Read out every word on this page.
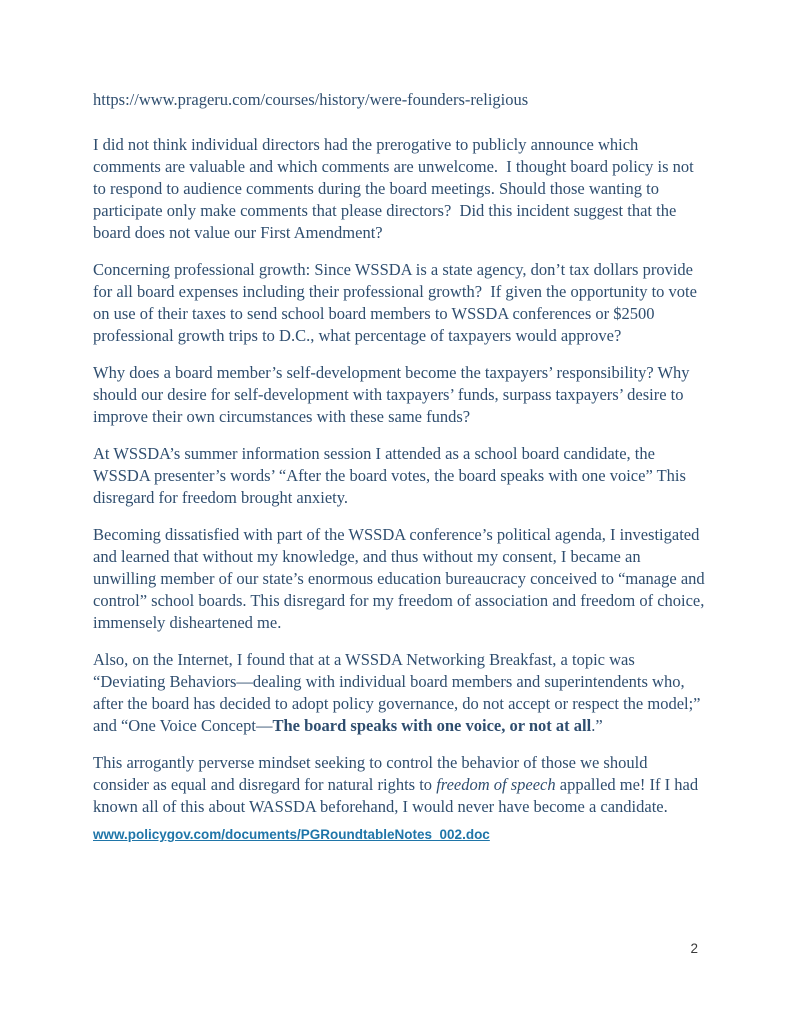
https://www.prageru.com/courses/history/were-founders-religious

I did not think individual directors had the prerogative to publicly announce which comments are valuable and which comments are unwelcome.  I thought board policy is not to respond to audience comments during the board meetings. Should those wanting to participate only make comments that please directors?  Did this incident suggest that the board does not value our First Amendment?

Concerning professional growth: Since WSSDA is a state agency, don’t tax dollars provide for all board expenses including their professional growth?  If given the opportunity to vote on use of their taxes to send school board members to WSSDA conferences or $2500 professional growth trips to D.C., what percentage of taxpayers would approve?

Why does a board member’s self-development become the taxpayers’ responsibility? Why should our desire for self-development with taxpayers’ funds, surpass taxpayers’ desire to improve their own circumstances with these same funds?

At WSSDA’s summer information session I attended as a school board candidate, the WSSDA presenter’s words’ “After the board votes, the board speaks with one voice” This disregard for freedom brought anxiety.

Becoming dissatisfied with part of the WSSDA conference’s political agenda, I investigated and learned that without my knowledge, and thus without my consent, I became an unwilling member of our state’s enormous education bureaucracy conceived to “manage and control” school boards. This disregard for my freedom of association and freedom of choice, immensely disheartened me.

Also, on the Internet, I found that at a WSSDA Networking Breakfast, a topic was “Deviating Behaviors—dealing with individual board members and superintendents who, after the board has decided to adopt policy governance, do not accept or respect the model;” and “One Voice Concept—The board speaks with one voice, or not at all.”

This arrogantly perverse mindset seeking to control the behavior of those we should consider as equal and disregard for natural rights to freedom of speech appalled me! If I had known all of this about WASSDA beforehand, I would never have become a candidate.

www.policygov.com/documents/PGRoundtableNotes_002.doc
2
